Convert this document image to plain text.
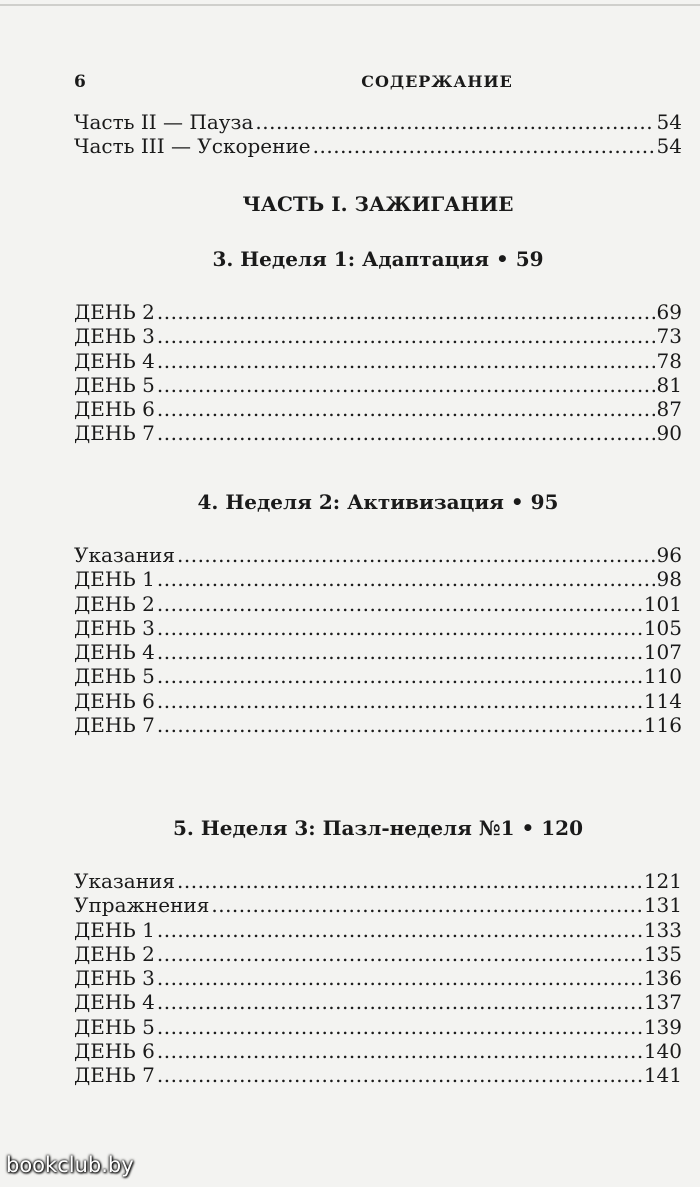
6	СОДЕРЖАНИЕ
Часть II — Пауза .....	54
Часть III — Ускорение .....	54
ЧАСТЬ I. ЗАЖИГАНИЕ
3. Неделя 1: Адаптация • 59
ДЕНЬ 2 .....	69
ДЕНЬ 3 .....	73
ДЕНЬ 4 .....	78
ДЕНЬ 5 .....	81
ДЕНЬ 6 .....	87
ДЕНЬ 7 .....	90
4. Неделя 2: Активизация • 95
Указания .....	96
ДЕНЬ 1 .....	98
ДЕНЬ 2 .....	101
ДЕНЬ 3 .....	105
ДЕНЬ 4 .....	107
ДЕНЬ 5 .....	110
ДЕНЬ 6 .....	114
ДЕНЬ 7 .....	116
5. Неделя 3: Пазл-неделя №1 • 120
Указания .....	121
Упражнения .....	131
ДЕНЬ 1 .....	133
ДЕНЬ 2 .....	135
ДЕНЬ 3 .....	136
ДЕНЬ 4 .....	137
ДЕНЬ 5 .....	139
ДЕНЬ 6 .....	140
ДЕНЬ 7 .....	141
bookclub.by
